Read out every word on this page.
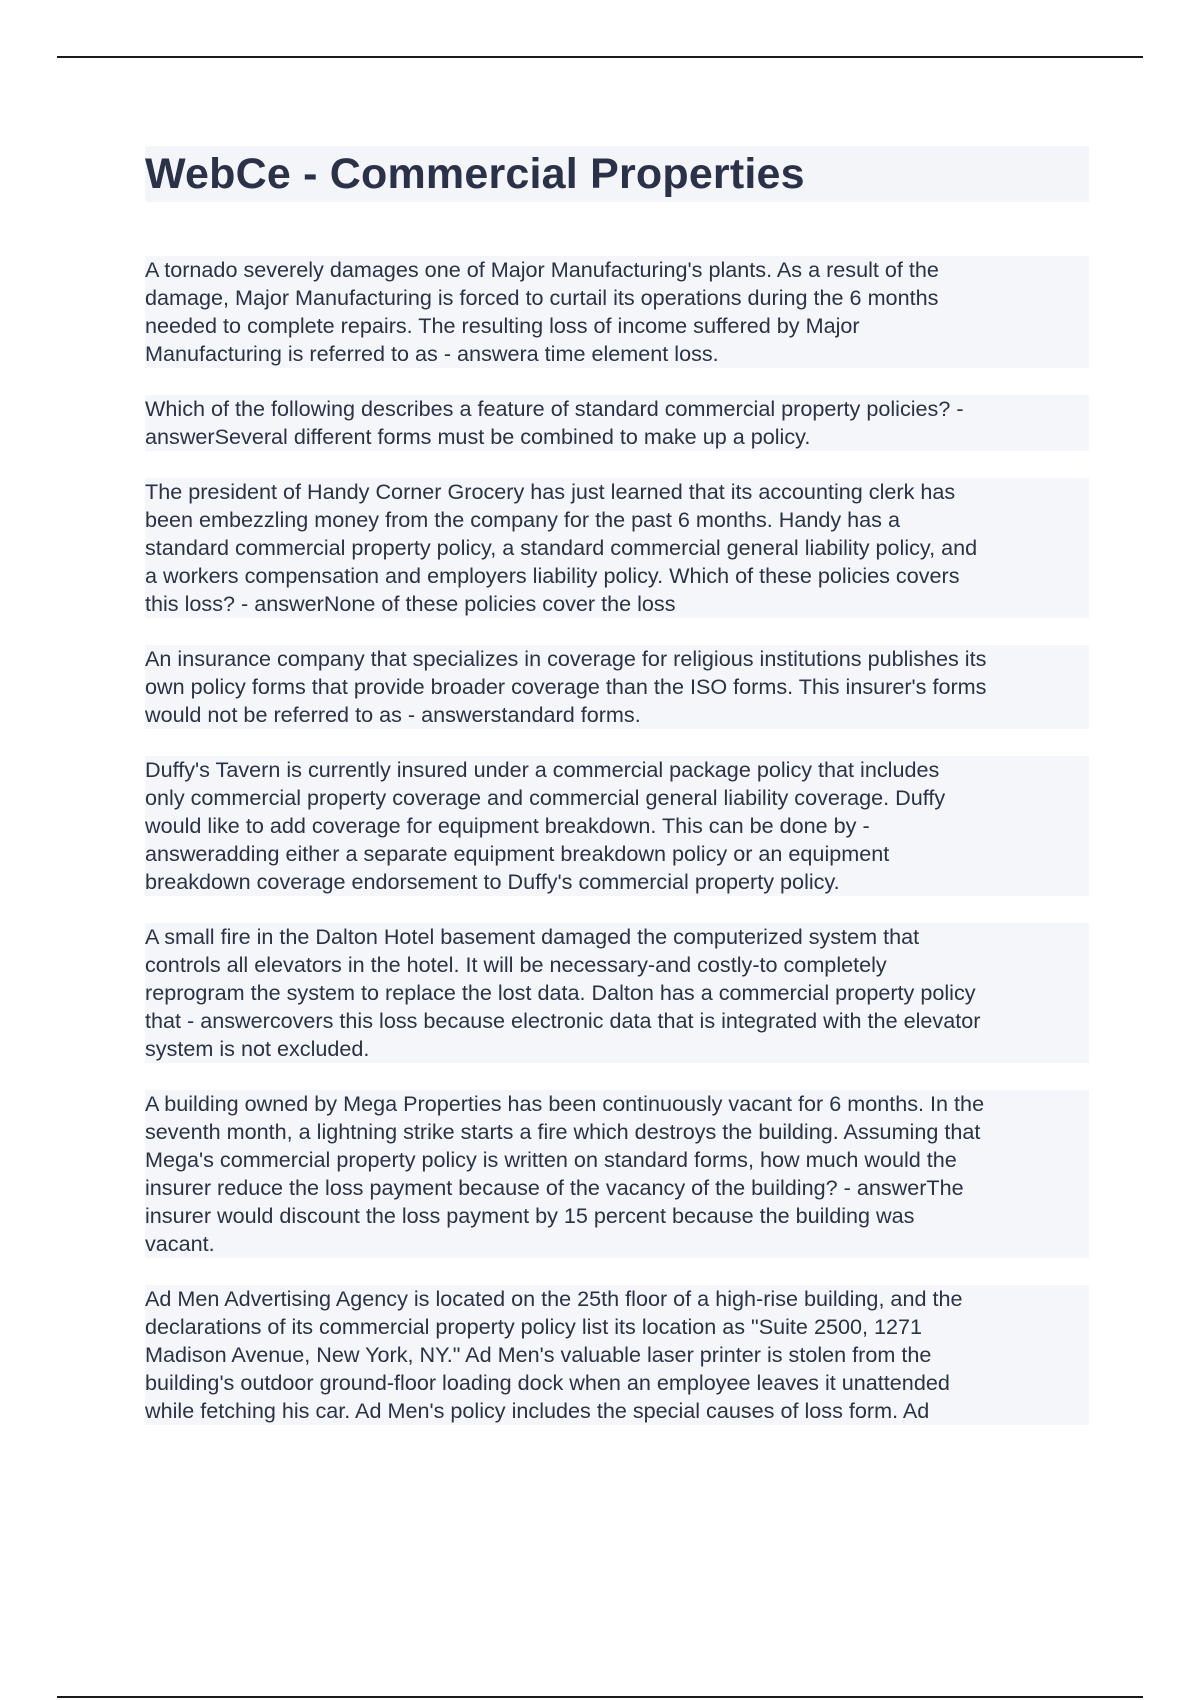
WebCe - Commercial Properties

A tornado severely damages one of Major Manufacturing's plants. As a result of the
damage, Major Manufacturing is forced to curtail its operations during the 6 months
needed to complete repairs. The resulting loss of income suffered by Major
Manufacturing is referred to as - answera time element loss.

Which of the following describes a feature of standard commercial property policies? -
answerSeveral different forms must be combined to make up a policy.

The president of Handy Corner Grocery has just learned that its accounting clerk has
been embezzling money from the company for the past 6 months. Handy has a
standard commercial property policy, a standard commercial general liability policy, and
a workers compensation and employers liability policy. Which of these policies covers
this loss? - answerNone of these policies cover the loss

An insurance company that specializes in coverage for religious institutions publishes its
own policy forms that provide broader coverage than the ISO forms. This insurer's forms
would not be referred to as - answerstandard forms.

Duffy's Tavern is currently insured under a commercial package policy that includes
only commercial property coverage and commercial general liability coverage. Duffy
would like to add coverage for equipment breakdown. This can be done by -
answeradding either a separate equipment breakdown policy or an equipment
breakdown coverage endorsement to Duffy's commercial property policy.

A small fire in the Dalton Hotel basement damaged the computerized system that
controls all elevators in the hotel. It will be necessary-and costly-to completely
reprogram the system to replace the lost data. Dalton has a commercial property policy
that - answercovers this loss because electronic data that is integrated with the elevator
system is not excluded.

A building owned by Mega Properties has been continuously vacant for 6 months. In the
seventh month, a lightning strike starts a fire which destroys the building. Assuming that
Mega's commercial property policy is written on standard forms, how much would the
insurer reduce the loss payment because of the vacancy of the building? - answerThe
insurer would discount the loss payment by 15 percent because the building was
vacant.

Ad Men Advertising Agency is located on the 25th floor of a high-rise building, and the
declarations of its commercial property policy list its location as "Suite 2500, 1271
Madison Avenue, New York, NY." Ad Men's valuable laser printer is stolen from the
building's outdoor ground-floor loading dock when an employee leaves it unattended
while fetching his car. Ad Men's policy includes the special causes of loss form. Ad
